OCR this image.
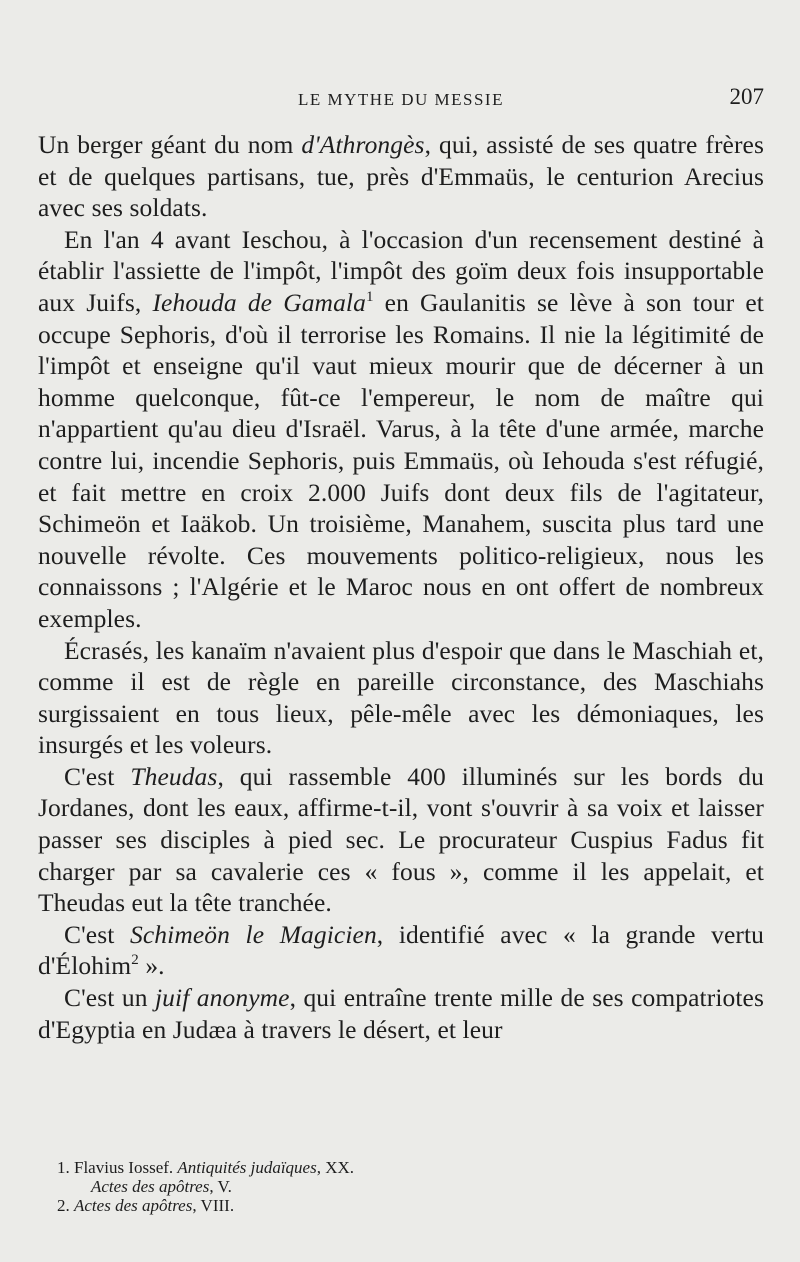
LE MYTHE DU MESSIE	207

Un berger géant du nom d'Athrongès, qui, assisté de ses quatre frères et de quelques partisans, tue, près d'Emmaüs, le centurion Arecius avec ses soldats.

En l'an 4 avant Ieschou, à l'occasion d'un recensement destiné à établir l'assiette de l'impôt, l'impôt des goïm deux fois insupportable aux Juifs, Iehouda de Gamala$^1$ en Gaulanitis se lève à son tour et occupe Sephoris, d'où il terrorise les Romains. Il nie la légitimité de l'impôt et enseigne qu'il vaut mieux mourir que de décerner à un homme quelconque, fût-ce l'empereur, le nom de maître qui n'appartient qu'au dieu d'Israël. Varus, à la tête d'une armée, marche contre lui, incendie Sephoris, puis Emmaüs, où Iehouda s'est réfugié, et fait mettre en croix 2.000 Juifs dont deux fils de l'agitateur, Schimeön et Iaäkob. Un troisième, Manahem, suscita plus tard une nouvelle révolte. Ces mouvements politico-religieux, nous les connaissons ; l'Algérie et le Maroc nous en ont offert de nombreux exemples.

Écrasés, les kanaïm n'avaient plus d'espoir que dans le Maschiah et, comme il est de règle en pareille circonstance, des Maschiahs surgissaient en tous lieux, pêle-mêle avec les démoniaques, les insurgés et les voleurs.

C'est Theudas, qui rassemble 400 illuminés sur les bords du Jordanes, dont les eaux, affirme-t-il, vont s'ouvrir à sa voix et laisser passer ses disciples à pied sec. Le procurateur Cuspius Fadus fit charger par sa cavalerie ces « fous », comme il les appelait, et Theudas eut la tête tranchée.

C'est Schimeön le Magicien, identifié avec « la grande vertu d'Élohim$^2$ ».

C'est un juif anonyme, qui entraîne trente mille de ses compatriotes d'Egyptia en Judæa à travers le désert, et leur

1. Flavius Iossef. Antiquités judaïques, XX.
Actes des apôtres, V.
2. Actes des apôtres, VIII.
